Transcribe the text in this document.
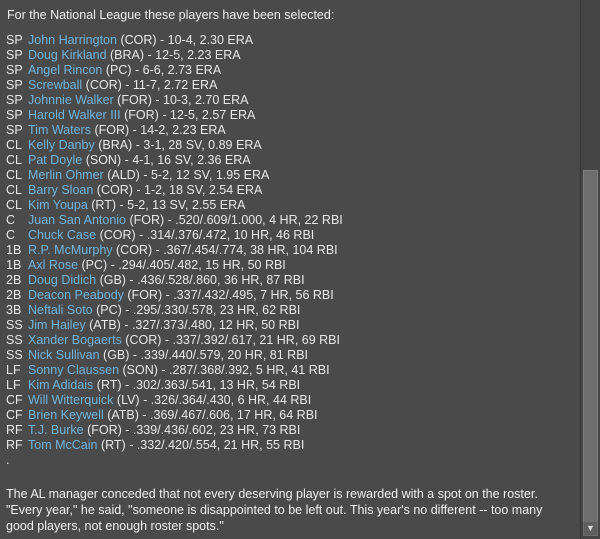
For the National League these players have been selected:
SP John Harrington (COR) - 10-4, 2.30 ERA
SP Doug Kirkland (BRA) - 12-5, 2.23 ERA
SP Angel Rincon (PC) - 6-6, 2.73 ERA
SP Screwball (COR) - 11-7, 2.72 ERA
SP Johnnie Walker (FOR) - 10-3, 2.70 ERA
SP Harold Walker III (FOR) - 12-5, 2.57 ERA
SP Tim Waters (FOR) - 14-2, 2.23 ERA
CL Kelly Danby (BRA) - 3-1, 28 SV, 0.89 ERA
CL Pat Doyle (SON) - 4-1, 16 SV, 2.36 ERA
CL Merlin Ohmer (ALD) - 5-2, 12 SV, 1.95 ERA
CL Barry Sloan (COR) - 1-2, 18 SV, 2.54 ERA
CL Kim Youpa (RT) - 5-2, 13 SV, 2.55 ERA
C Juan San Antonio (FOR) - .520/.609/1.000, 4 HR, 22 RBI
C Chuck Case (COR) - .314/.376/.472, 10 HR, 46 RBI
1B R.P. McMurphy (COR) - .367/.454/.774, 38 HR, 104 RBI
1B Axl Rose (PC) - .294/.405/.482, 15 HR, 50 RBI
2B Doug Didich (GB) - .436/.528/.860, 36 HR, 87 RBI
2B Deacon Peabody (FOR) - .337/.432/.495, 7 HR, 56 RBI
3B Neftali Soto (PC) - .295/.330/.578, 23 HR, 62 RBI
SS Jim Hailey (ATB) - .327/.373/.480, 12 HR, 50 RBI
SS Xander Bogaerts (COR) - .337/.392/.617, 21 HR, 69 RBI
SS Nick Sullivan (GB) - .339/.440/.579, 20 HR, 81 RBI
LF Sonny Claussen (SON) - .287/.368/.392, 5 HR, 41 RBI
LF Kim Adidais (RT) - .302/.363/.541, 13 HR, 54 RBI
CF Will Witterquick (LV) - .326/.364/.430, 6 HR, 44 RBI
CF Brien Keywell (ATB) - .369/.467/.606, 17 HR, 64 RBI
RF T.J. Burke (FOR) - .339/.436/.602, 23 HR, 73 RBI
RF Tom McCain (RT) - .332/.420/.554, 21 HR, 55 RBI
.
The AL manager conceded that not every deserving player is rewarded with a spot on the roster. "Every year," he said, "someone is disappointed to be left out. This year's no different -- too many good players, not enough roster spots."	▼
